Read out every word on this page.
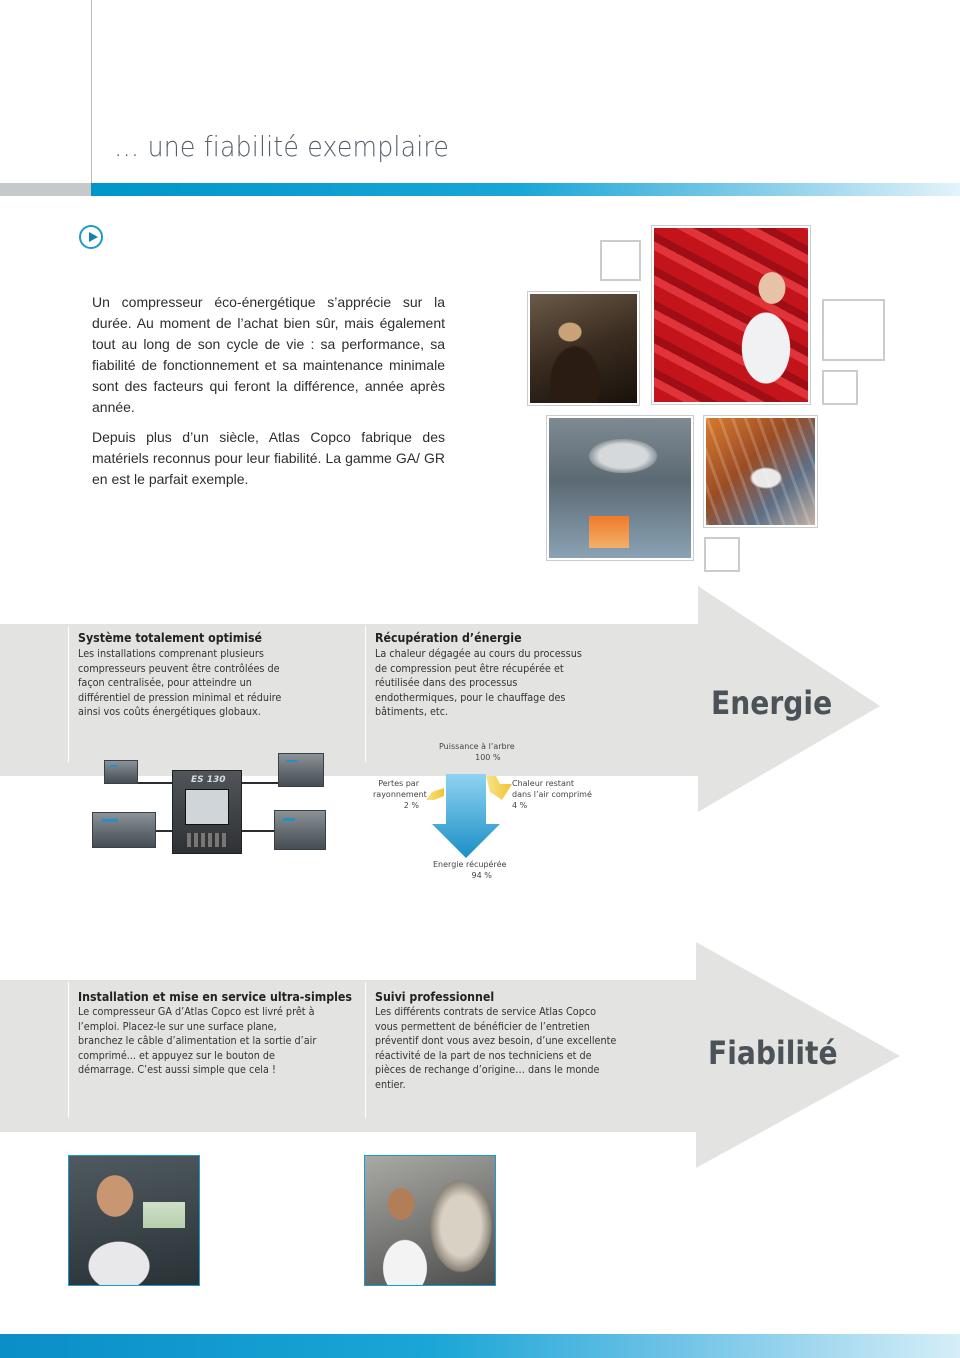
… une fiabilité exemplaire

Un compresseur éco-énergétique s’apprécie sur la durée. Au moment de l’achat bien sûr, mais également tout au long de son cycle de vie : sa performance, sa fiabilité de fonctionnement et sa maintenance minimale sont des facteurs qui feront la différence, année après année.

Depuis plus d’un siècle, Atlas Copco fabrique des matériels reconnus pour leur fiabilité. La gamme GA/ GR en est le parfait exemple.

Système totalement optimisé
Les installations comprenant plusieurs compresseurs peuvent être contrôlées de façon centralisée, pour atteindre un différentiel de pression minimal et réduire ainsi vos coûts énergétiques globaux.
Récupération d’énergie
La chaleur dégagée au cours du processus de compression peut être récupérée et réutilisée dans des processus endothermiques, pour le chauffage des bâtiments, etc.	Energie
ES 130
Puissance à l’arbre
100 %
Pertes par
rayonnement
2 %
Chaleur restant
dans l’air comprimé
4 %
Energie récupérée
94 %
Installation et mise en service ultra-simples
Le compresseur GA d’Atlas Copco est livré prêt à l’emploi. Placez-le sur une surface plane, branchez le câble d’alimentation et la sortie d’air comprimé... et appuyez sur le bouton de démarrage. C’est aussi simple que cela !
Suivi professionnel
Les différents contrats de service Atlas Copco vous permettent de bénéficier de l’entretien préventif dont vous avez besoin, d’une excellente réactivité de la part de nos techniciens et de pièces de rechange d’origine… dans le monde entier.
Fiabilité
